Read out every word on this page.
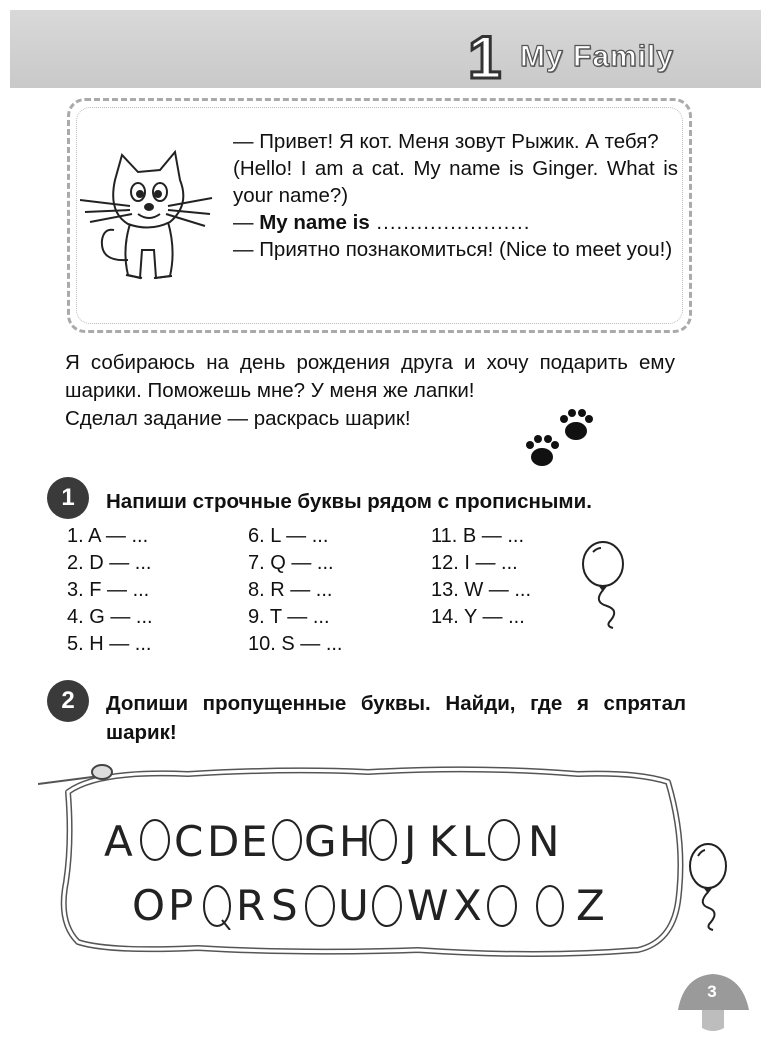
1 My Family

— Привет! Я кот. Меня зовут Рыжик. А тебя?

(Hello! I am a cat. My name is Ginger. What is your name?)

— My name is .......................

— Приятно познакомиться! (Nice to meet you!)

Я собираюсь на день рождения друга и хочу подарить ему шарики. Поможешь мне? У меня же лапки!

Сделал задание — раскрась шарик!

1	Напиши строчные буквы рядом с прописными.
1. A — ...
2. D — ...
3. F — ...
4. G — ...
5. H — ...
6. L — ...
7. Q — ...
8. R — ...
9. T — ...
10. S — ...
11. B — ...
12. I — ...
13. W — ...
14. Y — ...
2	Допиши пропущенные буквы. Найди, где я спрятал шарик!
A C D E G H J K L N
O P R S U W X Z
3
